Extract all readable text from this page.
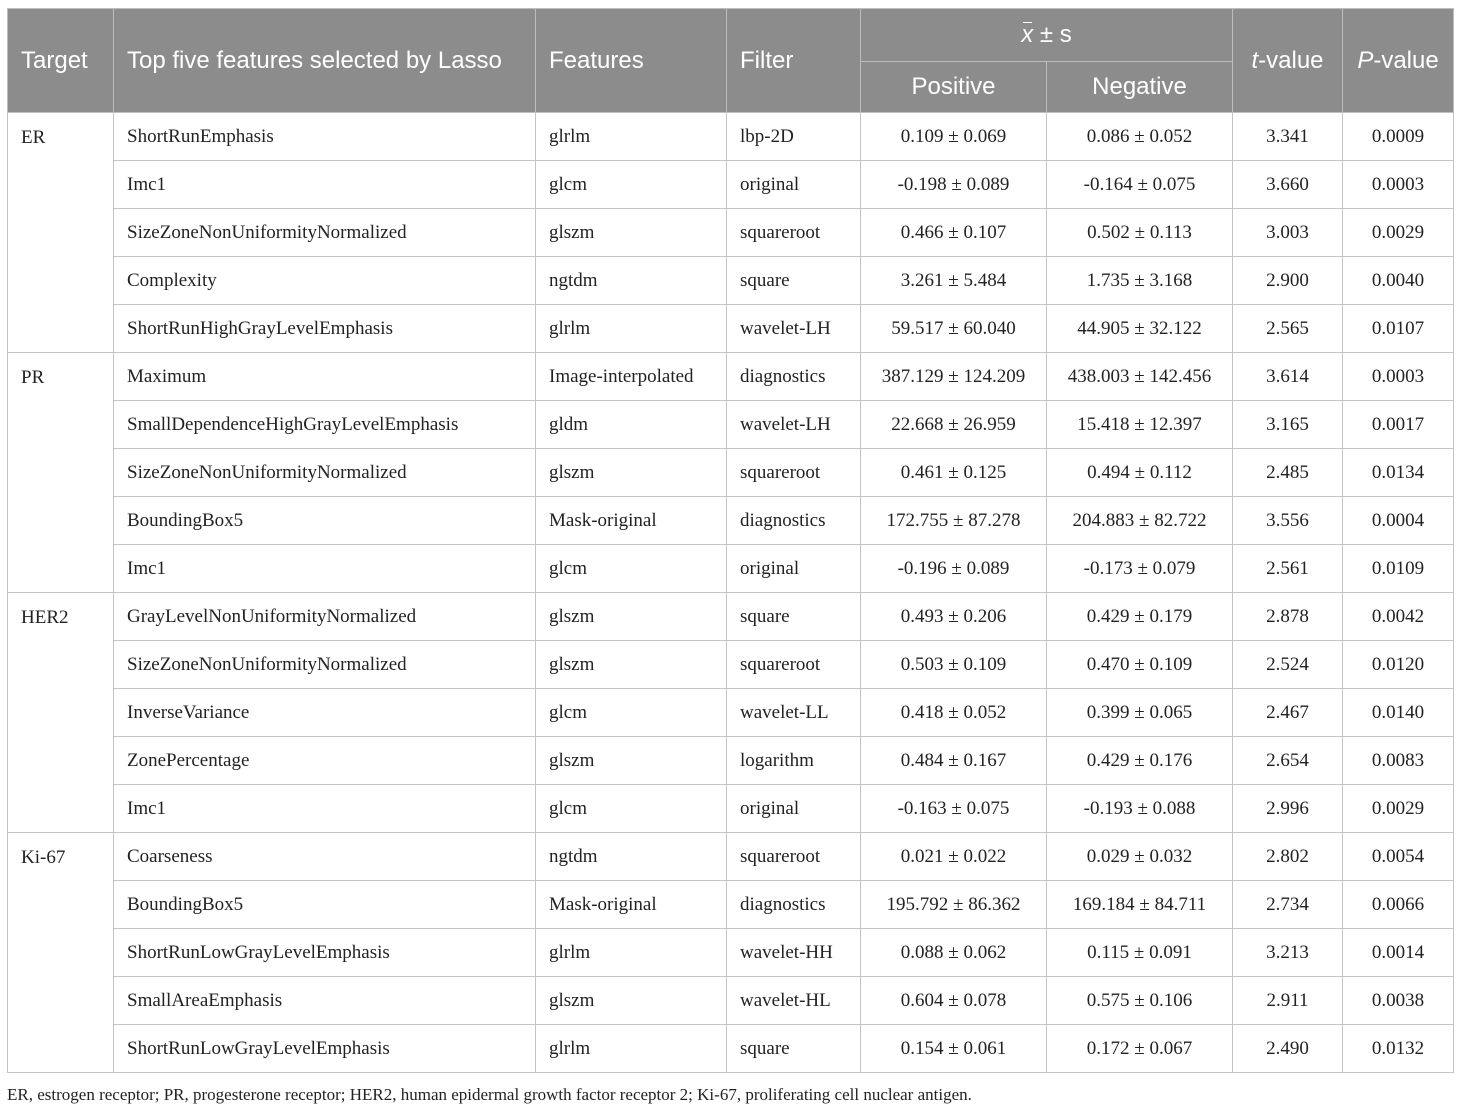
Target	Top five features selected by Lasso	Features	Filter	x ± s		t-value	P-value
				Positive	Negative		
ER	ShortRunEmphasis	glrlm	lbp-2D	0.109 ± 0.069	0.086 ± 0.052	3.341	0.0009
	Imc1	glcm	original	-0.198 ± 0.089	-0.164 ± 0.075	3.660	0.0003
	SizeZoneNonUniformityNormalized	glszm	squareroot	0.466 ± 0.107	0.502 ± 0.113	3.003	0.0029
	Complexity	ngtdm	square	3.261 ± 5.484	1.735 ± 3.168	2.900	0.0040
	ShortRunHighGrayLevelEmphasis	glrlm	wavelet-LH	59.517 ± 60.040	44.905 ± 32.122	2.565	0.0107
PR	Maximum	Image-interpolated	diagnostics	387.129 ± 124.209	438.003 ± 142.456	3.614	0.0003
	SmallDependenceHighGrayLevelEmphasis	gldm	wavelet-LH	22.668 ± 26.959	15.418 ± 12.397	3.165	0.0017
	SizeZoneNonUniformityNormalized	glszm	squareroot	0.461 ± 0.125	0.494 ± 0.112	2.485	0.0134
	BoundingBox5	Mask-original	diagnostics	172.755 ± 87.278	204.883 ± 82.722	3.556	0.0004
	Imc1	glcm	original	-0.196 ± 0.089	-0.173 ± 0.079	2.561	0.0109
HER2	GrayLevelNonUniformityNormalized	glszm	square	0.493 ± 0.206	0.429 ± 0.179	2.878	0.0042
	SizeZoneNonUniformityNormalized	glszm	squareroot	0.503 ± 0.109	0.470 ± 0.109	2.524	0.0120
	InverseVariance	glcm	wavelet-LL	0.418 ± 0.052	0.399 ± 0.065	2.467	0.0140
	ZonePercentage	glszm	logarithm	0.484 ± 0.167	0.429 ± 0.176	2.654	0.0083
	Imc1	glcm	original	-0.163 ± 0.075	-0.193 ± 0.088	2.996	0.0029
Ki-67	Coarseness	ngtdm	squareroot	0.021 ± 0.022	0.029 ± 0.032	2.802	0.0054
	BoundingBox5	Mask-original	diagnostics	195.792 ± 86.362	169.184 ± 84.711	2.734	0.0066
	ShortRunLowGrayLevelEmphasis	glrlm	wavelet-HH	0.088 ± 0.062	0.115 ± 0.091	3.213	0.0014
	SmallAreaEmphasis	glszm	wavelet-HL	0.604 ± 0.078	0.575 ± 0.106	2.911	0.0038
	ShortRunLowGrayLevelEmphasis	glrlm	square	0.154 ± 0.061	0.172 ± 0.067	2.490	0.0132
ER, estrogen receptor; PR, progesterone receptor; HER2, human epidermal growth factor receptor 2; Ki-67, proliferating cell nuclear antigen.
